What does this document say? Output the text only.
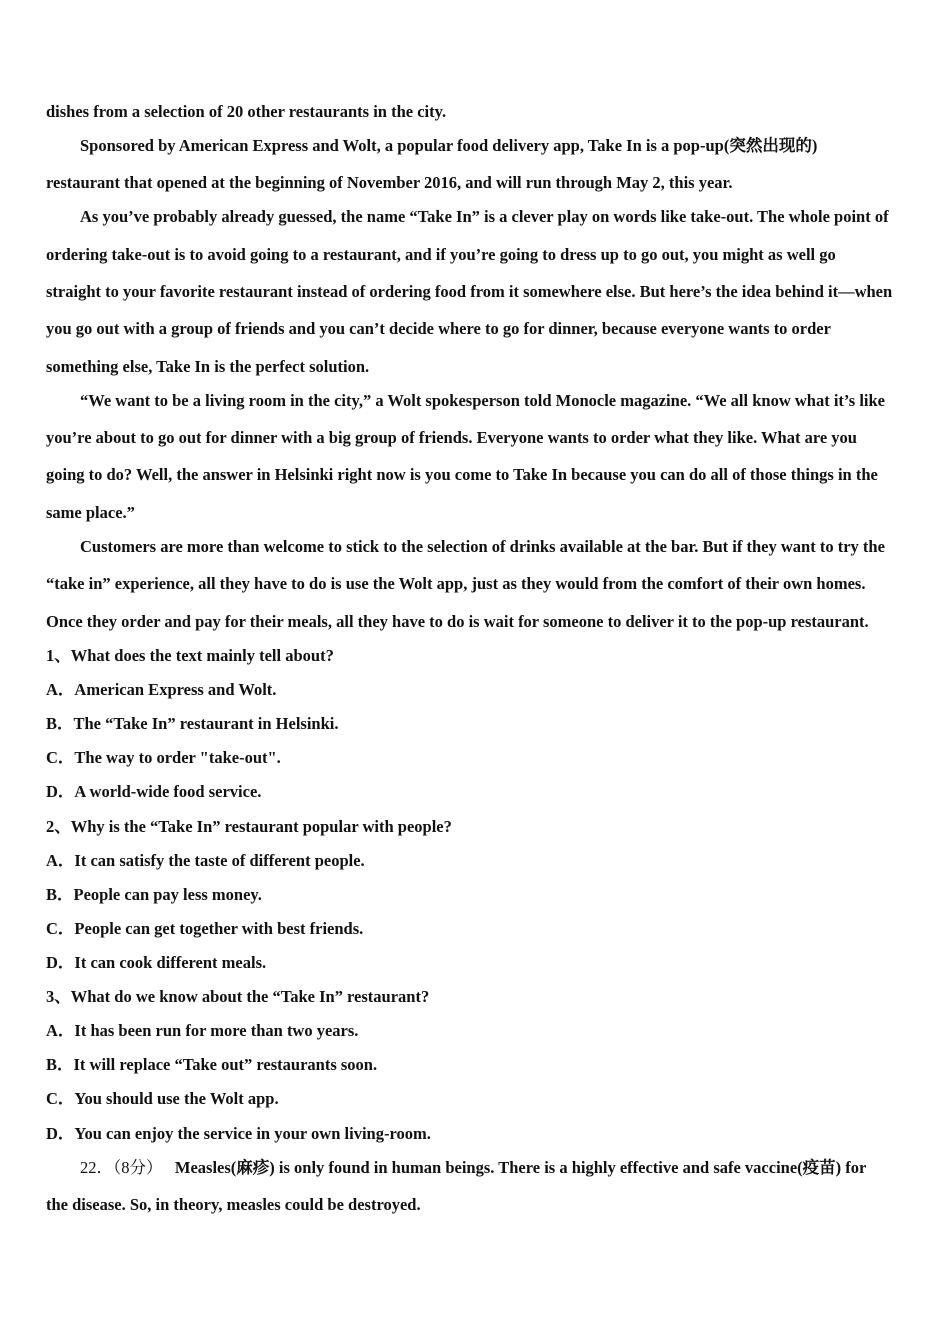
dishes from a selection of 20 other restaurants in the city.
Sponsored by American Express and Wolt, a popular food delivery app, Take In is a pop-up(突然出现的)
restaurant that opened at the beginning of November 2016, and will run through May 2, this year.
As you’ve probably already guessed, the name “Take In” is a clever play on words like take-out. The whole point of
ordering take-out is to avoid going to a restaurant, and if you’re going to dress up to go out, you might as well go
straight to your favorite restaurant instead of ordering food from it somewhere else. But here’s the idea behind it—when
you go out with a group of friends and you can’t decide where to go for dinner, because everyone wants to order
something else, Take In is the perfect solution.
“We want to be a living room in the city,” a Wolt spokesperson told Monocle magazine. “We all know what it’s like
you’re about to go out for dinner with a big group of friends. Everyone wants to order what they like. What are you
going to do? Well, the answer in Helsinki right now is you come to Take In because you can do all of those things in the
same place.”
Customers are more than welcome to stick to the selection of drinks available at the bar. But if they want to try the
“take in” experience, all they have to do is use the Wolt app, just as they would from the comfort of their own homes.
Once they order and pay for their meals, all they have to do is wait for someone to deliver it to the pop-up restaurant.
1、What does the text mainly tell about?
A．American Express and Wolt.
B．The “Take In” restaurant in Helsinki.
C．The way to order "take-out".
D．A world-wide food service.
2、Why is the “Take In” restaurant popular with people?
A．It can satisfy the taste of different people.
B．People can pay less money.
C．People can get together with best friends.
D．It can cook different meals.
3、What do we know about the “Take In” restaurant?
A．It has been run for more than two years.
B．It will replace “Take out” restaurants soon.
C．You should use the Wolt app.
D．You can enjoy the service in your own living-room.
22．（8分） Measles(麻疹) is only found in human beings. There is a highly effective and safe vaccine(疫苗) for
the disease. So, in theory, measles could be destroyed.
